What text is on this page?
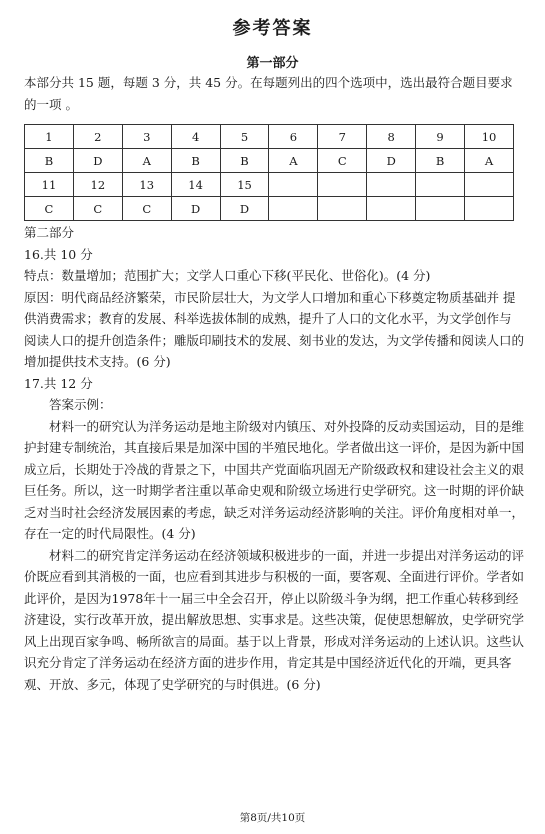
参考答案
第一部分

本部分共 15 题，每题 3 分，共 45 分。在每题列出的四个选项中，选出最符合题目要求的一项 。

1	2	3	4	5	6	7	8	9	10
B	D	A	B	B	A	C	D	B	A
11	12	13	14	15					
C	C	C	D	D					

第二部分

16.共 10 分

特点：数量增加；范围扩大；文学人口重心下移(平民化、世俗化)。(4 分)

原因：明代商品经济繁荣，市民阶层壮大，为文学人口增加和重心下移奠定物质基础并 提供消费需求；教育的发展、科举选拔体制的成熟，提升了人口的文化水平，为文学创作与 阅读人口的提升创造条件；雕版印刷技术的发展、刻书业的发达，为文学传播和阅读人口的增加提供技术支持。(6 分)

17.共 12 分

答案示例：

材料一的研究认为洋务运动是地主阶级对内镇压、对外投降的反动卖国运动，目的是维护封建专制统治，其直接后果是加深中国的半殖民地化。学者做出这一评价，是因为新中国成立后，长期处于冷战的背景之下，中国共产党面临巩固无产阶级政权和建设社会主义的艰巨任务。所以，这一时期学者注重以革命史观和阶级立场进行史学研究。这一时期的评价缺乏对当时社会经济发展因素的考虑，缺乏对洋务运动经济影响的关注。评价角度相对单一，存在一定的时代局限性。(4 分)

材料二的研究肯定洋务运动在经济领域积极进步的一面，并进一步提出对洋务运动的评价既应看到其消极的一面，也应看到其进步与积极的一面，要客观、全面进行评价。学者如此评价，是因为1978年十一届三中全会召开，停止以阶级斗争为纲，把工作重心转移到经 济建设，实行改革开放，提出解放思想、实事求是。这些决策，促使思想解放，史学研究学 风上出现百家争鸣、畅所欲言的局面。基于以上背景，形成对洋务运动的上述认识。这些认 识充分肯定了洋务运动在经济方面的进步作用，肯定其是中国经济近代化的开端，更具客观、开放、多元，体现了史学研究的与时俱进。(6 分)

第8页/共10页
